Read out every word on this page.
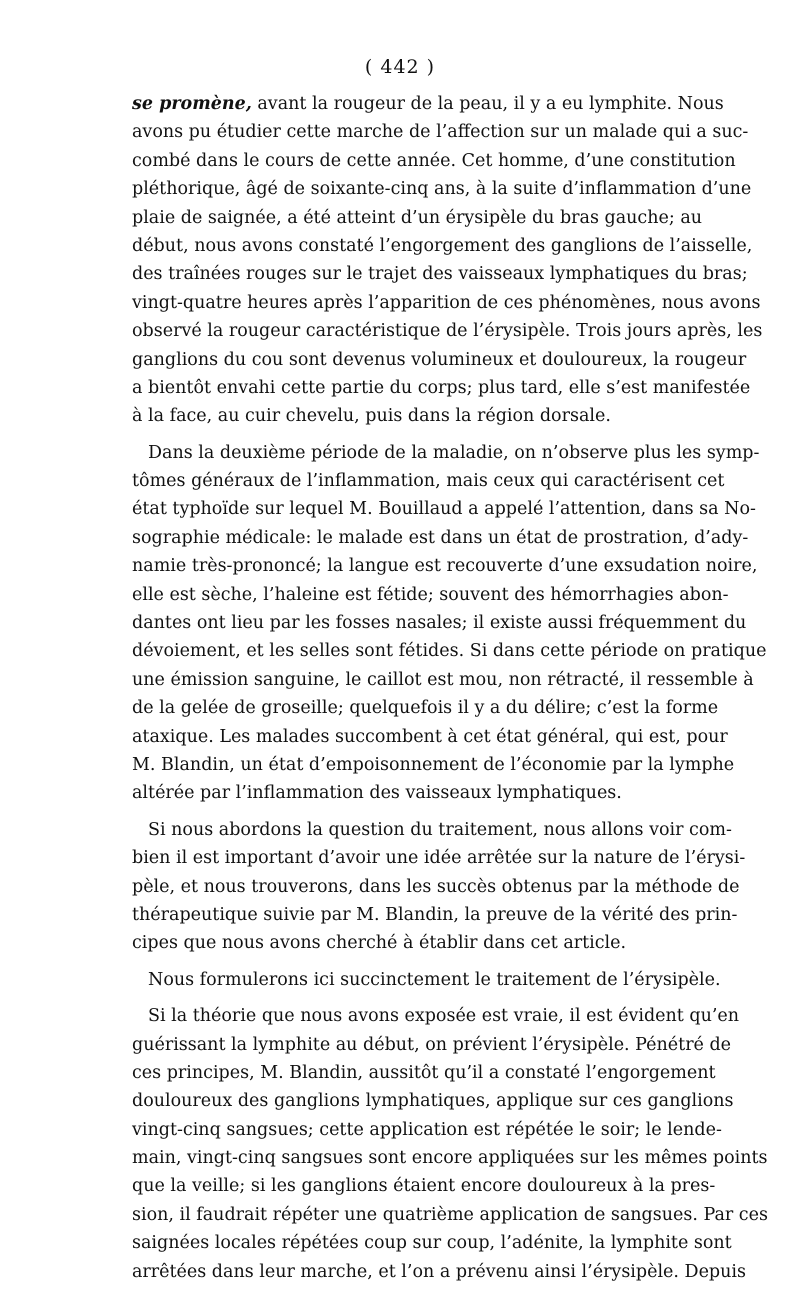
( 442 )
se promène, avant la rougeur de la peau, il y a eu lymphite. Nous
avons pu étudier cette marche de l’affection sur un malade qui a suc-
combé dans le cours de cette année. Cet homme, d’une constitution
pléthorique, âgé de soixante-cinq ans, à la suite d’inflammation d’une
plaie de saignée, a été atteint d’un érysipèle du bras gauche; au
début, nous avons constaté l’engorgement des ganglions de l’aisselle,
des traînées rouges sur le trajet des vaisseaux lymphatiques du bras;
vingt-quatre heures après l’apparition de ces phénomènes, nous avons
observé la rougeur caractéristique de l’érysipèle. Trois jours après, les
ganglions du cou sont devenus volumineux et douloureux, la rougeur
a bientôt envahi cette partie du corps; plus tard, elle s’est manifestée
à la face, au cuir chevelu, puis dans la région dorsale.
Dans la deuxième période de la maladie, on n’observe plus les symp-
tômes généraux de l’inflammation, mais ceux qui caractérisent cet
état typhoïde sur lequel M. Bouillaud a appelé l’attention, dans sa No-
sographie médicale: le malade est dans un état de prostration, d’ady-
namie très-prononcé; la langue est recouverte d’une exsudation noire,
elle est sèche, l’haleine est fétide; souvent des hémorrhagies abon-
dantes ont lieu par les fosses nasales; il existe aussi fréquemment du
dévoiement, et les selles sont fétides. Si dans cette période on pratique
une émission sanguine, le caillot est mou, non rétracté, il ressemble à
de la gelée de groseille; quelquefois il y a du délire; c’est la forme
ataxique. Les malades succombent à cet état général, qui est, pour
M. Blandin, un état d’empoisonnement de l’économie par la lymphe
altérée par l’inflammation des vaisseaux lymphatiques.
Si nous abordons la question du traitement, nous allons voir com-
bien il est important d’avoir une idée arrêtée sur la nature de l’érysi-
pèle, et nous trouverons, dans les succès obtenus par la méthode de
thérapeutique suivie par M. Blandin, la preuve de la vérité des prin-
cipes que nous avons cherché à établir dans cet article.
Nous formulerons ici succinctement le traitement de l’érysipèle.
Si la théorie que nous avons exposée est vraie, il est évident qu’en
guérissant la lymphite au début, on prévient l’érysipèle. Pénétré de
ces principes, M. Blandin, aussitôt qu’il a constaté l’engorgement
douloureux des ganglions lymphatiques, applique sur ces ganglions
vingt-cinq sangsues; cette application est répétée le soir; le lende-
main, vingt-cinq sangsues sont encore appliquées sur les mêmes points
que la veille; si les ganglions étaient encore douloureux à la pres-
sion, il faudrait répéter une quatrième application de sangsues. Par ces
saignées locales répétées coup sur coup, l’adénite, la lymphite sont
arrêtées dans leur marche, et l’on a prévenu ainsi l’érysipèle. Depuis
